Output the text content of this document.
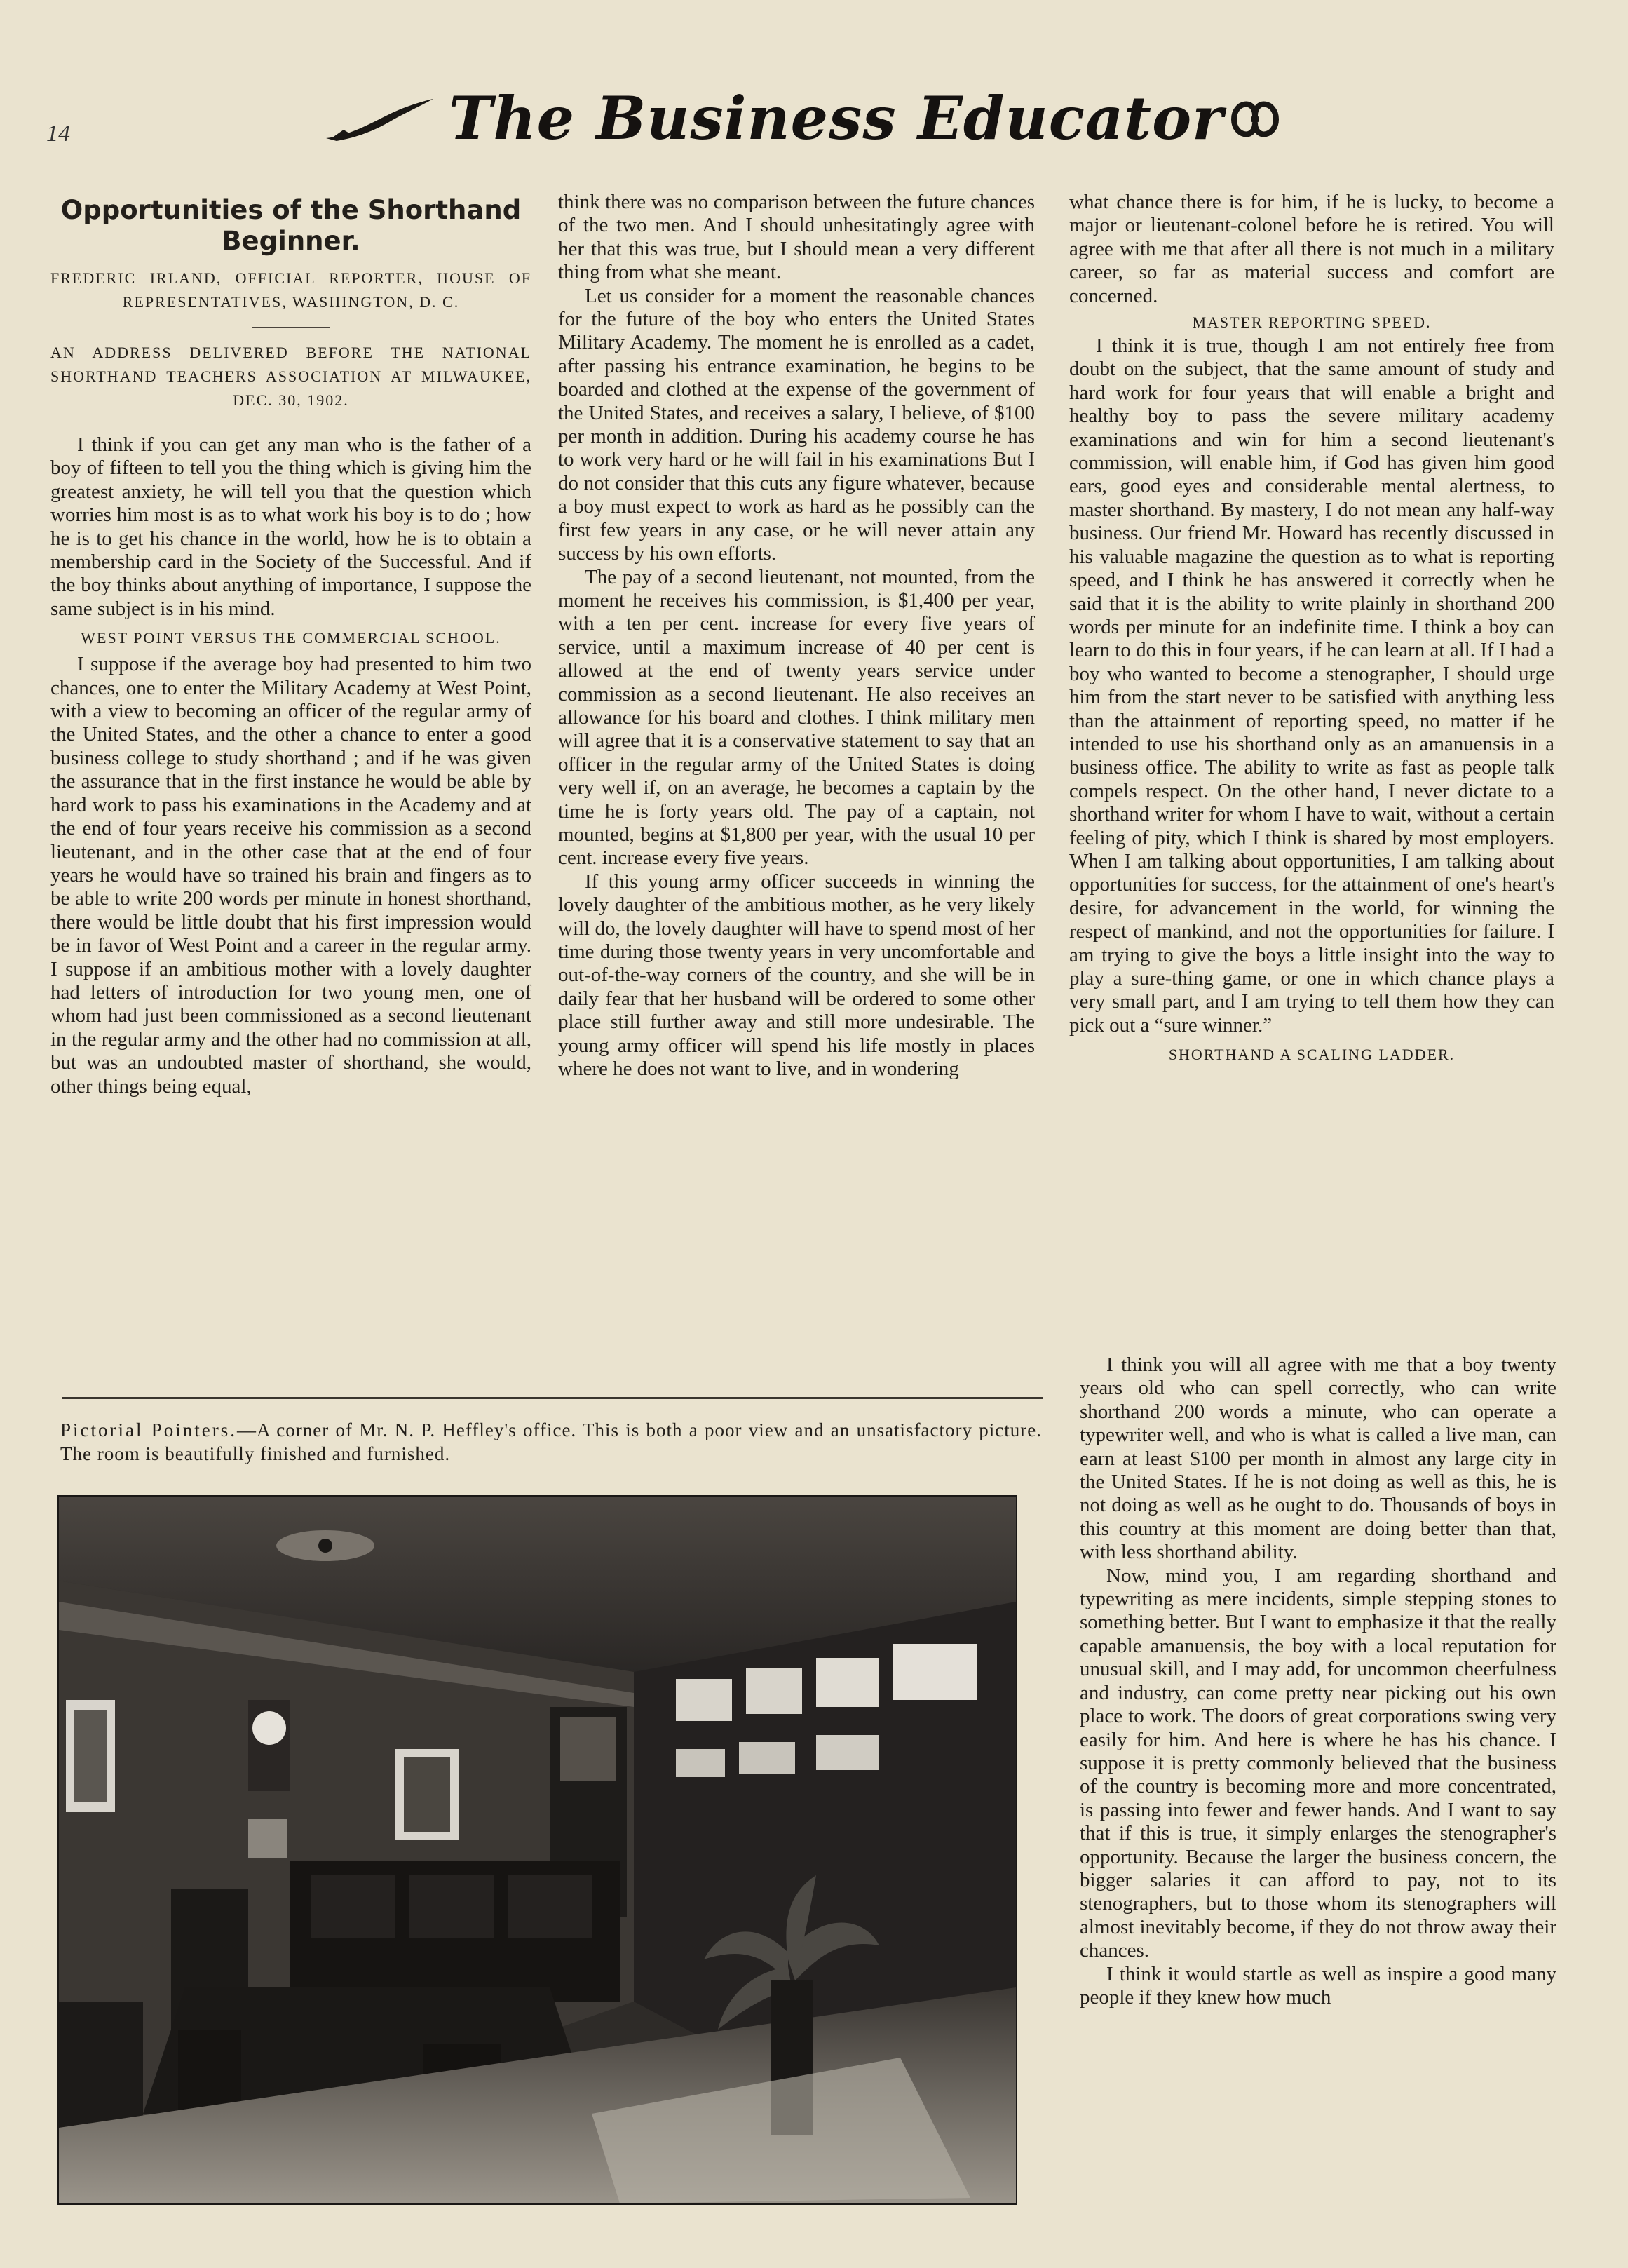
14	The Business Educator
Opportunities of the Shorthand
Beginner.
FREDERIC IRLAND, OFFICIAL REPORTER, HOUSE OF REPRESENTATIVES, WASHINGTON, D. C.
AN ADDRESS DELIVERED BEFORE THE NATIONAL SHORTHAND TEACHERS ASSOCIATION AT MILWAUKEE, DEC. 30, 1902.

I think if you can get any man who is the father of a boy of fifteen to tell you the thing which is giving him the greatest anxiety, he will tell you that the question which worries him most is as to what work his boy is to do ; how he is to get his chance in the world, how he is to obtain a membership card in the Society of the Successful. And if the boy thinks about anything of importance, I suppose the same subject is in his mind.

WEST POINT VERSUS THE COMMERCIAL SCHOOL.

I suppose if the average boy had presented to him two chances, one to enter the Military Academy at West Point, with a view to becoming an officer of the regular army of the United States, and the other a chance to enter a good business college to study shorthand ; and if he was given the assurance that in the first instance he would be able by hard work to pass his examinations in the Academy and at the end of four years receive his commission as a second lieutenant, and in the other case that at the end of four years he would have so trained his brain and fingers as to be able to write 200 words per minute in honest shorthand, there would be little doubt that his first impression would be in favor of West Point and a career in the regular army. I suppose if an ambitious mother with a lovely daughter had letters of introduction for two young men, one of whom had just been commissioned as a second lieutenant in the regular army and the other had no commission at all, but was an undoubted master of shorthand, she would, other things being equal,

think there was no comparison between the future chances of the two men. And I should unhesitatingly agree with her that this was true, but I should mean a very different thing from what she meant.

Let us consider for a moment the reasonable chances for the future of the boy who enters the United States Military Academy. The moment he is enrolled as a cadet, after passing his entrance examination, he begins to be boarded and clothed at the expense of the government of the United States, and receives a salary, I believe, of $100 per month in addition. During his academy course he has to work very hard or he will fail in his examinations But I do not consider that this cuts any figure whatever, because a boy must expect to work as hard as he possibly can the first few years in any case, or he will never attain any success by his own efforts.

The pay of a second lieutenant, not mounted, from the moment he receives his commission, is $1,400 per year, with a ten per cent. increase for every five years of service, until a maximum increase of 40 per cent is allowed at the end of twenty years service under commission as a second lieutenant. He also receives an allowance for his board and clothes. I think military men will agree that it is a conservative statement to say that an officer in the regular army of the United States is doing very well if, on an average, he becomes a captain by the time he is forty years old. The pay of a captain, not mounted, begins at $1,800 per year, with the usual 10 per cent. increase every five years.

If this young army officer succeeds in winning the lovely daughter of the ambitious mother, as he very likely will do, the lovely daughter will have to spend most of her time during those twenty years in very uncomfortable and out-of-the-way corners of the country, and she will be in daily fear that her husband will be ordered to some other place still further away and still more undesirable. The young army officer will spend his life mostly in places where he does not want to live, and in wondering

what chance there is for him, if he is lucky, to become a major or lieutenant-colonel before he is retired. You will agree with me that after all there is not much in a military career, so far as material success and comfort are concerned.

MASTER REPORTING SPEED.

I think it is true, though I am not entirely free from doubt on the subject, that the same amount of study and hard work for four years that will enable a bright and healthy boy to pass the severe military academy examinations and win for him a second lieutenant's commission, will enable him, if God has given him good ears, good eyes and considerable mental alertness, to master shorthand. By mastery, I do not mean any half-way business. Our friend Mr. Howard has recently discussed in his valuable magazine the question as to what is reporting speed, and I think he has answered it correctly when he said that it is the ability to write plainly in shorthand 200 words per minute for an indefinite time. I think a boy can learn to do this in four years, if he can learn at all. If I had a boy who wanted to become a stenographer, I should urge him from the start never to be satisfied with anything less than the attainment of reporting speed, no matter if he intended to use his shorthand only as an amanuensis in a business office. The ability to write as fast as people talk compels respect. On the other hand, I never dictate to a shorthand writer for whom I have to wait, without a certain feeling of pity, which I think is shared by most employers. When I am talking about opportunities, I am talking about opportunities for success, for the attainment of one's heart's desire, for advancement in the world, for winning the respect of mankind, and not the opportunities for failure. I am trying to give the boys a little insight into the way to play a sure-thing game, or one in which chance plays a very small part, and I am trying to tell them how they can pick out a “sure winner.”

SHORTHAND A SCALING LADDER.

I think you will all agree with me that a boy twenty years old who can spell correctly, who can write shorthand 200 words a minute, who can operate a typewriter well, and who is what is called a live man, can earn at least $100 per month in almost any large city in the United States. If he is not doing as well as this, he is not doing as well as he ought to do. Thousands of boys in this country at this moment are doing better than that, with less shorthand ability.

Now, mind you, I am regarding shorthand and typewriting as mere incidents, simple stepping stones to something better. But I want to emphasize it that the really capable amanuensis, the boy with a local reputation for unusual skill, and I may add, for uncommon cheerfulness and industry, can come pretty near picking out his own place to work. The doors of great corporations swing very easily for him. And here is where he has his chance. I suppose it is pretty commonly believed that the business of the country is becoming more and more concentrated, is passing into fewer and fewer hands. And I want to say that if this is true, it simply enlarges the stenographer's opportunity. Because the larger the business concern, the bigger salaries it can afford to pay, not to its stenographers, but to those whom its stenographers will almost inevitably become, if they do not throw away their chances.

I think it would startle as well as inspire a good many people if they knew how much

Pictorial Pointers.—A corner of Mr. N. P. Heffley's office. This is both a poor view and an unsatisfactory picture. The room is beautifully finished and furnished.
